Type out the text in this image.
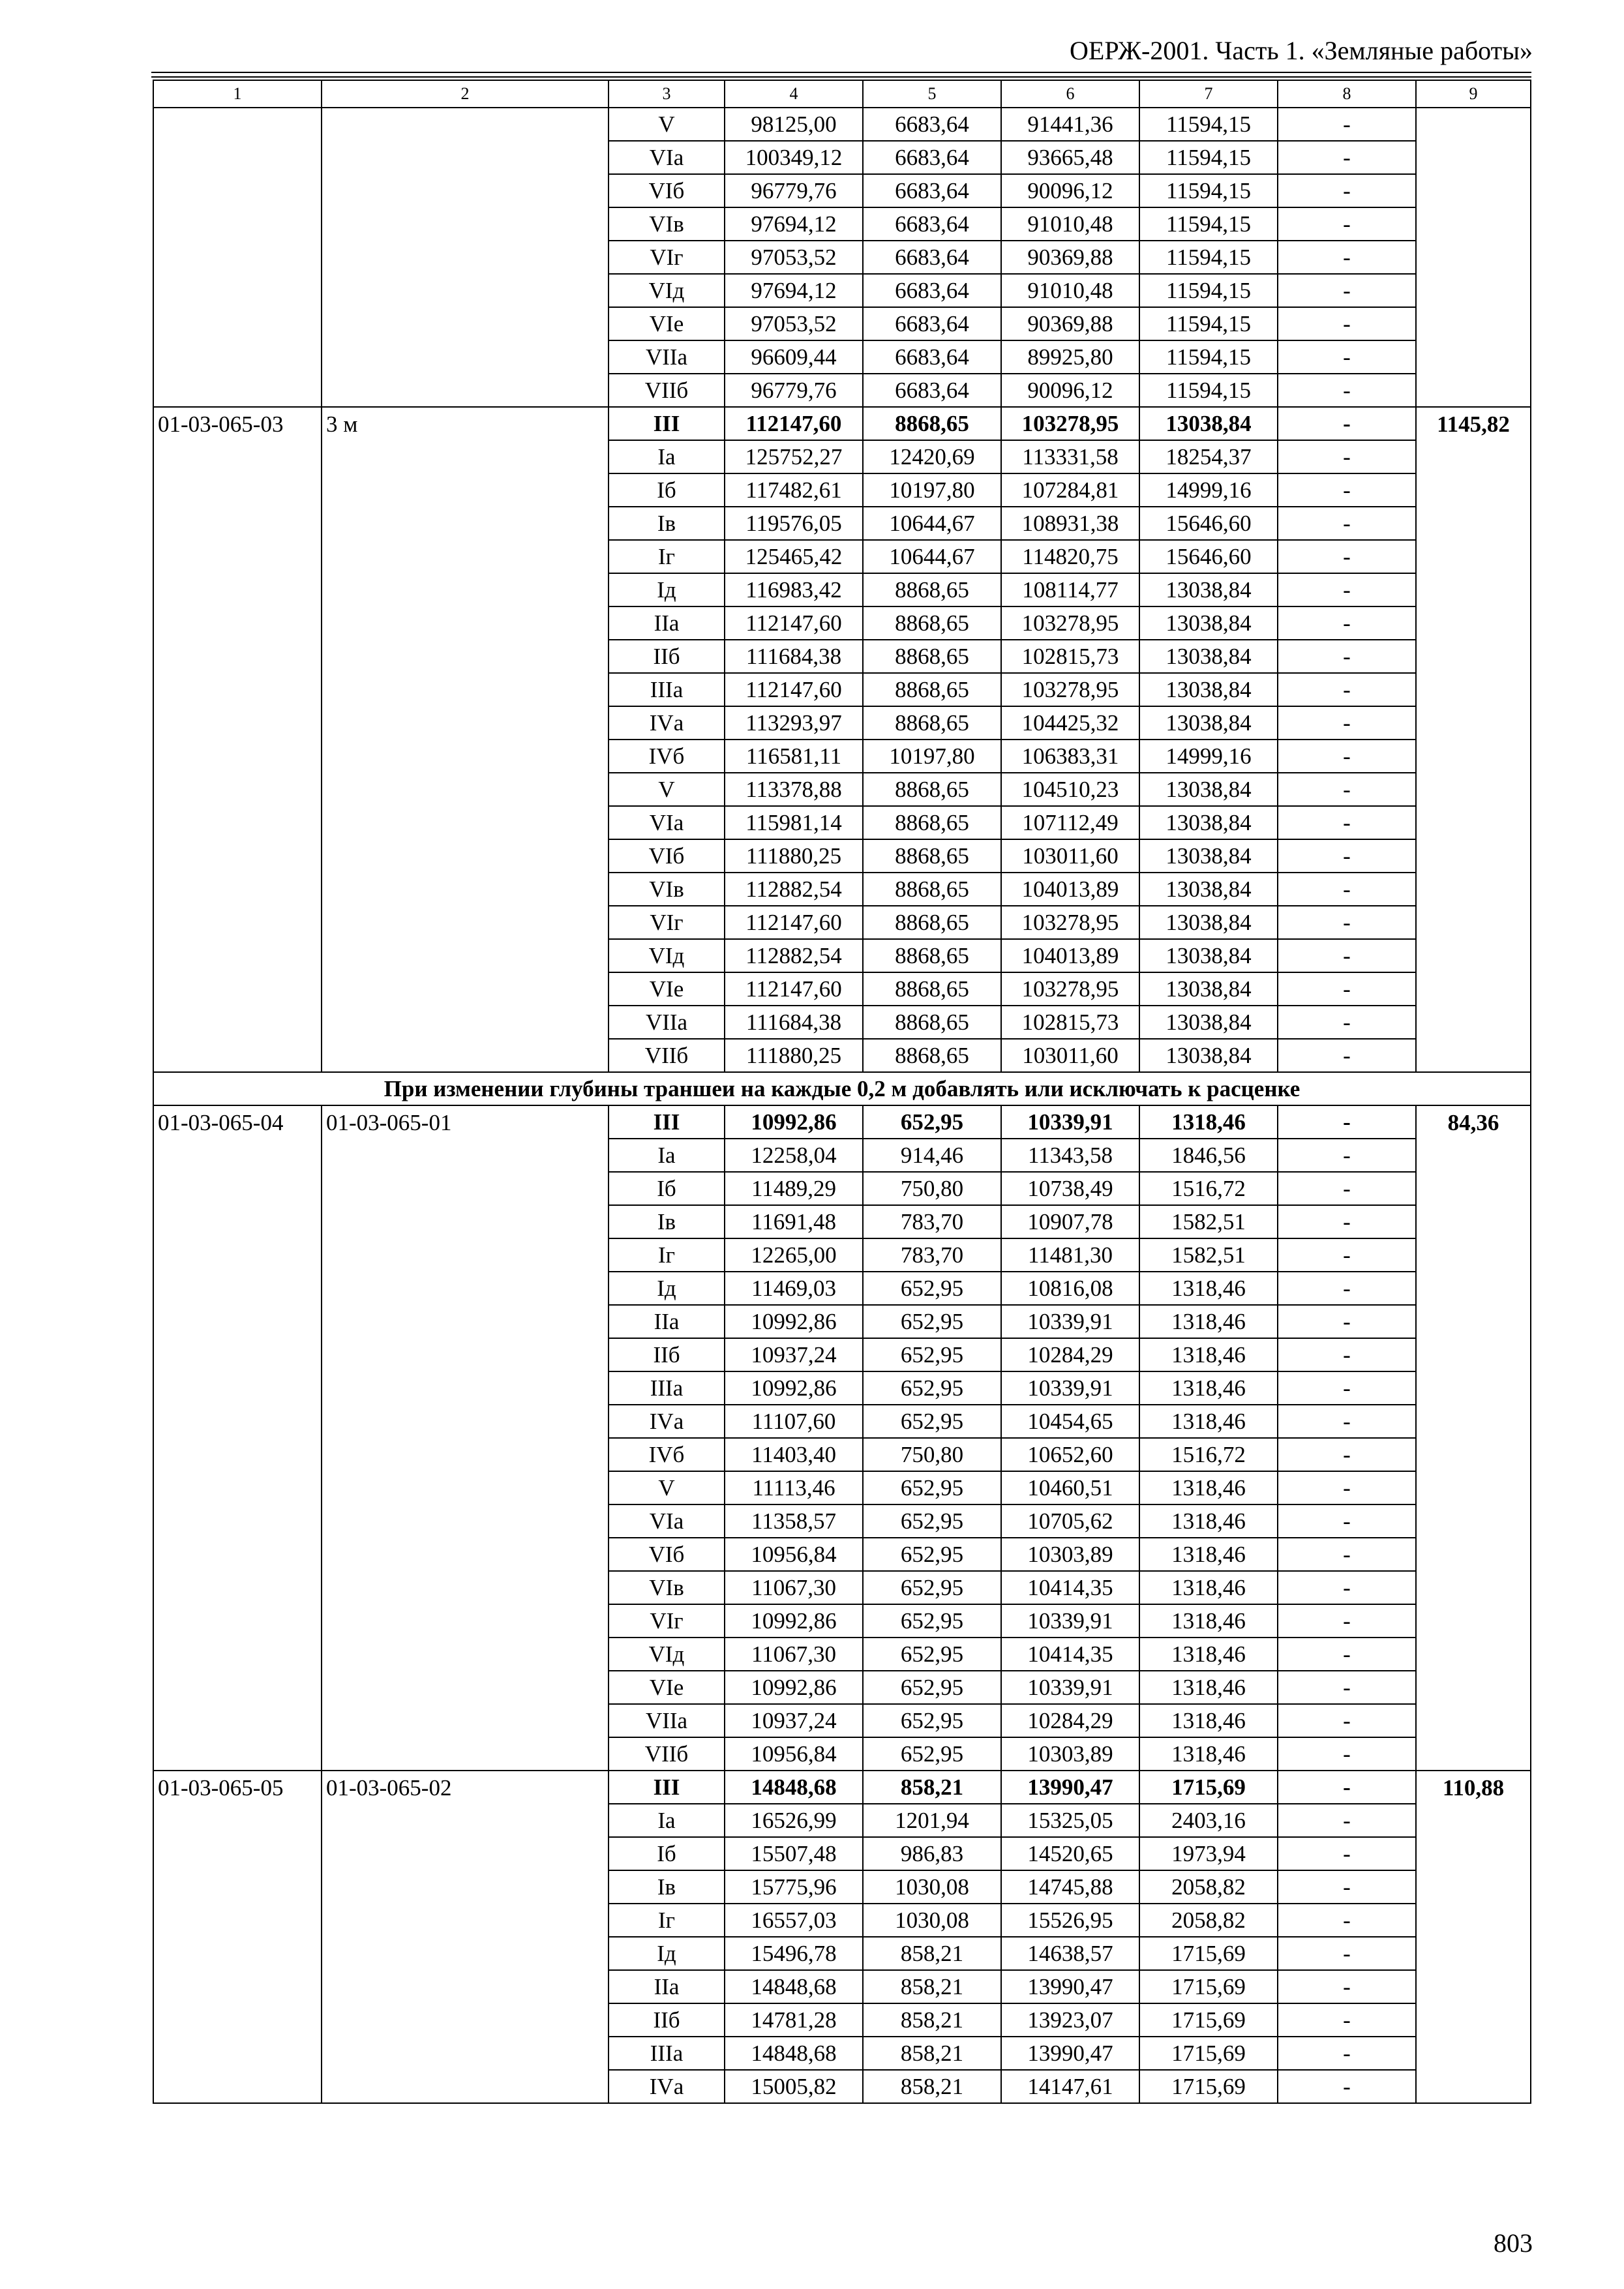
ОЕРЖ-2001. Часть 1. «Земляные работы»
1	2	3	4	5	6	7	8	9
		V	98125,00	6683,64	91441,36	11594,15	-	
		VIа	100349,12	6683,64	93665,48	11594,15	-	
		VIб	96779,76	6683,64	90096,12	11594,15	-	
		VIв	97694,12	6683,64	91010,48	11594,15	-	
		VIг	97053,52	6683,64	90369,88	11594,15	-	
		VIд	97694,12	6683,64	91010,48	11594,15	-	
		VIе	97053,52	6683,64	90369,88	11594,15	-	
		VIIа	96609,44	6683,64	89925,80	11594,15	-	
		VIIб	96779,76	6683,64	90096,12	11594,15	-	
01-03-065-03	3 м	III	112147,60	8868,65	103278,95	13038,84	-	1145,82
		Iа	125752,27	12420,69	113331,58	18254,37	-	
		Iб	117482,61	10197,80	107284,81	14999,16	-	
		Iв	119576,05	10644,67	108931,38	15646,60	-	
		Iг	125465,42	10644,67	114820,75	15646,60	-	
		Iд	116983,42	8868,65	108114,77	13038,84	-	
		IIа	112147,60	8868,65	103278,95	13038,84	-	
		IIб	111684,38	8868,65	102815,73	13038,84	-	
		IIIа	112147,60	8868,65	103278,95	13038,84	-	
		IVа	113293,97	8868,65	104425,32	13038,84	-	
		IVб	116581,11	10197,80	106383,31	14999,16	-	
		V	113378,88	8868,65	104510,23	13038,84	-	
		VIа	115981,14	8868,65	107112,49	13038,84	-	
		VIб	111880,25	8868,65	103011,60	13038,84	-	
		VIв	112882,54	8868,65	104013,89	13038,84	-	
		VIг	112147,60	8868,65	103278,95	13038,84	-	
		VIд	112882,54	8868,65	104013,89	13038,84	-	
		VIе	112147,60	8868,65	103278,95	13038,84	-	
		VIIа	111684,38	8868,65	102815,73	13038,84	-	
		VIIб	111880,25	8868,65	103011,60	13038,84	-	
При изменении глубины траншеи на каждые 0,2 м добавлять или исключать к расценке								
01-03-065-04	01-03-065-01	III	10992,86	652,95	10339,91	1318,46	-	84,36
		Iа	12258,04	914,46	11343,58	1846,56	-	
		Iб	11489,29	750,80	10738,49	1516,72	-	
		Iв	11691,48	783,70	10907,78	1582,51	-	
		Iг	12265,00	783,70	11481,30	1582,51	-	
		Iд	11469,03	652,95	10816,08	1318,46	-	
		IIа	10992,86	652,95	10339,91	1318,46	-	
		IIб	10937,24	652,95	10284,29	1318,46	-	
		IIIа	10992,86	652,95	10339,91	1318,46	-	
		IVа	11107,60	652,95	10454,65	1318,46	-	
		IVб	11403,40	750,80	10652,60	1516,72	-	
		V	11113,46	652,95	10460,51	1318,46	-	
		VIа	11358,57	652,95	10705,62	1318,46	-	
		VIб	10956,84	652,95	10303,89	1318,46	-	
		VIв	11067,30	652,95	10414,35	1318,46	-	
		VIг	10992,86	652,95	10339,91	1318,46	-	
		VIд	11067,30	652,95	10414,35	1318,46	-	
		VIе	10992,86	652,95	10339,91	1318,46	-	
		VIIа	10937,24	652,95	10284,29	1318,46	-	
		VIIб	10956,84	652,95	10303,89	1318,46	-	
01-03-065-05	01-03-065-02	III	14848,68	858,21	13990,47	1715,69	-	110,88
		Iа	16526,99	1201,94	15325,05	2403,16	-	
		Iб	15507,48	986,83	14520,65	1973,94	-	
		Iв	15775,96	1030,08	14745,88	2058,82	-	
		Iг	16557,03	1030,08	15526,95	2058,82	-	
		Iд	15496,78	858,21	14638,57	1715,69	-	
		IIа	14848,68	858,21	13990,47	1715,69	-	
		IIб	14781,28	858,21	13923,07	1715,69	-	
		IIIа	14848,68	858,21	13990,47	1715,69	-	
		IVа	15005,82	858,21	14147,61	1715,69	-	
803
